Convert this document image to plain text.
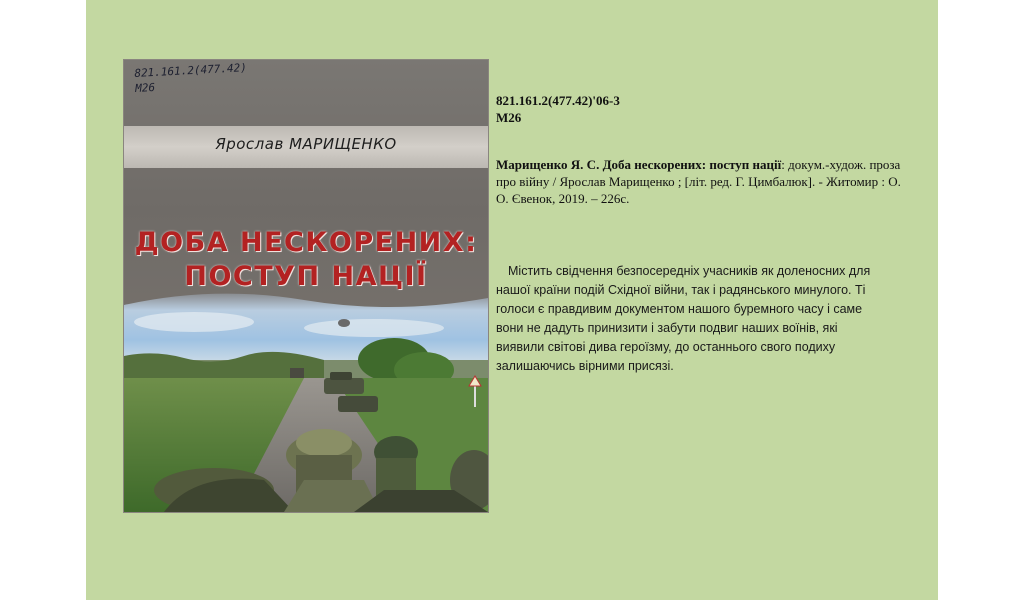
821.161.2(477.42)
М26
Ярослав МАРИЩЕНКО
ДОБА НЕСКОРЕНИХ:
ПОСТУП НАЦІЇ
821.161.2(477.42)'06-3
М26
Марищенко Я. С. Доба нескорених: поступ нації: докум.-худож. проза про війну / Ярослав Марищенко ; [літ. ред. Г. Цимбалюк]. - Житомир : О. О. Євенок, 2019. – 226с.
Містить свідчення безпосередніх учасників як доленосних для нашої країни подій Східної війни, так і радянського минулого. Ті голоси є правдивим документом нашого буремного часу і саме вони не дадуть принизити і забути подвиг наших воїнів, які виявили світові дива героїзму, до останнього свого подиху залишаючись вірними присязі.
